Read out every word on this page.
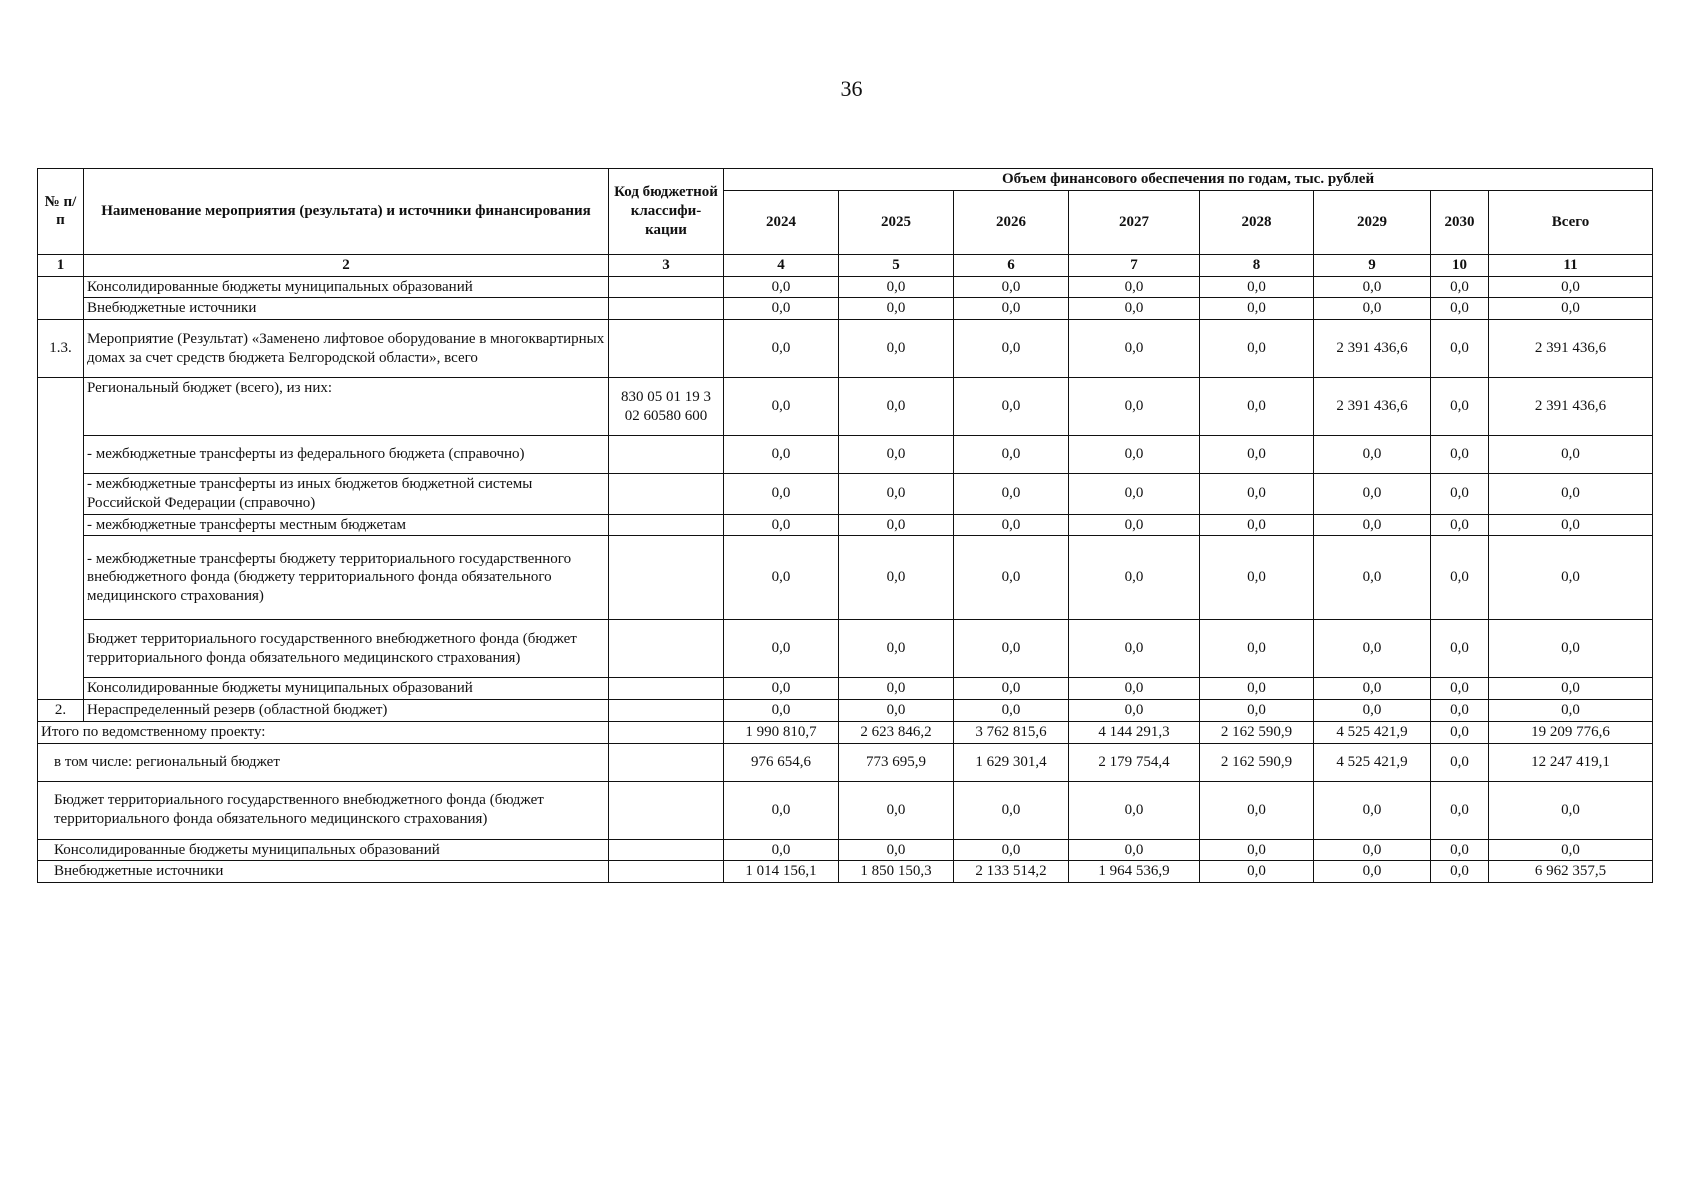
36
№ п/п	Наименование мероприятия (результата) и источники финансирования	Код бюджетной классифи-кации	Объем финансового обеспечения по годам, тыс. рублей							
			2024	2025	2026	2027	2028	2029	2030	Всего
1	2	3	4	5	6	7	8	9	10	11
	Консолидированные бюджеты муниципальных образований		0,0	0,0	0,0	0,0	0,0	0,0	0,0	0,0
	Внебюджетные источники		0,0	0,0	0,0	0,0	0,0	0,0	0,0	0,0
1.3.	Мероприятие (Результат) «Заменено лифтовое оборудование в многоквартирных домах за счет средств бюджета Белгородской области», всего		0,0	0,0	0,0	0,0	0,0	2 391 436,6	0,0	2 391 436,6
	Региональный бюджет (всего), из них:	830 05 01 19 3 02 60580 600	0,0	0,0	0,0	0,0	0,0	2 391 436,6	0,0	2 391 436,6
	- межбюджетные трансферты из федерального бюджета (справочно)		0,0	0,0	0,0	0,0	0,0	0,0	0,0	0,0
	- межбюджетные трансферты из иных бюджетов бюджетной системы Российской Федерации (справочно)		0,0	0,0	0,0	0,0	0,0	0,0	0,0	0,0
	- межбюджетные трансферты местным бюджетам		0,0	0,0	0,0	0,0	0,0	0,0	0,0	0,0
	- межбюджетные трансферты бюджету территориального государственного внебюджетного фонда (бюджету территориального фонда обязательного медицинского страхования)		0,0	0,0	0,0	0,0	0,0	0,0	0,0	0,0
	Бюджет территориального государственного внебюджетного фонда (бюджет территориального фонда обязательного медицинского страхования)		0,0	0,0	0,0	0,0	0,0	0,0	0,0	0,0
	Консолидированные бюджеты муниципальных образований		0,0	0,0	0,0	0,0	0,0	0,0	0,0	0,0
2.	Нераспределенный резерв (областной бюджет)		0,0	0,0	0,0	0,0	0,0	0,0	0,0	0,0
Итого по ведомственному проекту:			1 990 810,7	2 623 846,2	3 762 815,6	4 144 291,3	2 162 590,9	4 525 421,9	0,0	19 209 776,6
в том числе: региональный бюджет			976 654,6	773 695,9	1 629 301,4	2 179 754,4	2 162 590,9	4 525 421,9	0,0	12 247 419,1
Бюджет территориального государственного внебюджетного фонда (бюджет территориального фонда обязательного медицинского страхования)			0,0	0,0	0,0	0,0	0,0	0,0	0,0	0,0
Консолидированные бюджеты муниципальных образований			0,0	0,0	0,0	0,0	0,0	0,0	0,0	0,0
Внебюджетные источники			1 014 156,1	1 850 150,3	2 133 514,2	1 964 536,9	0,0	0,0	0,0	6 962 357,5
